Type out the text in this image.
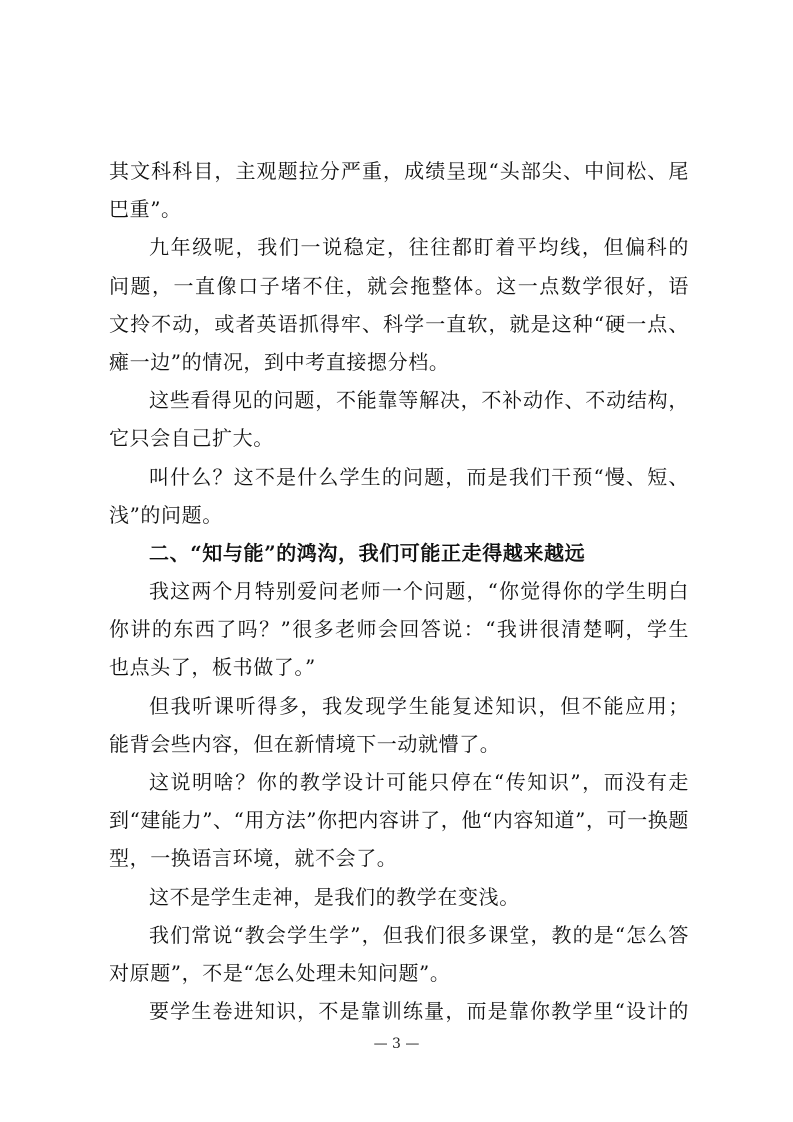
其文科科目，主观题拉分严重，成绩呈现“头部尖、中间松、尾
巴重”。
九年级呢，我们一说稳定，往往都盯着平均线，但偏科的
问题，一直像口子堵不住，就会拖整体。这一点数学很好，语
文拎不动，或者英语抓得牢、科学一直软，就是这种“硬一点、
瘫一边”的情况，到中考直接摁分档。
这些看得见的问题，不能靠等解决，不补动作、不动结构，
它只会自己扩大。
叫什么？这不是什么学生的问题，而是我们干预“慢、短、
浅”的问题。
二、“知与能”的鸿沟，我们可能正走得越来越远
我这两个月特别爱问老师一个问题，“你觉得你的学生明白
你讲的东西了吗？”很多老师会回答说：“我讲很清楚啊，学生
也点头了，板书做了。”
但我听课听得多，我发现学生能复述知识，但不能应用；
能背会些内容，但在新情境下一动就懵了。
这说明啥？你的教学设计可能只停在“传知识”，而没有走
到“建能力”、“用方法”你把内容讲了，他“内容知道”，可一换题
型，一换语言环境，就不会了。
这不是学生走神，是我们的教学在变浅。
我们常说“教会学生学”，但我们很多课堂，教的是“怎么答
对原题”，不是“怎么处理未知问题”。
要学生卷进知识，不是靠训练量，而是靠你教学里“设计的
— 3 —
